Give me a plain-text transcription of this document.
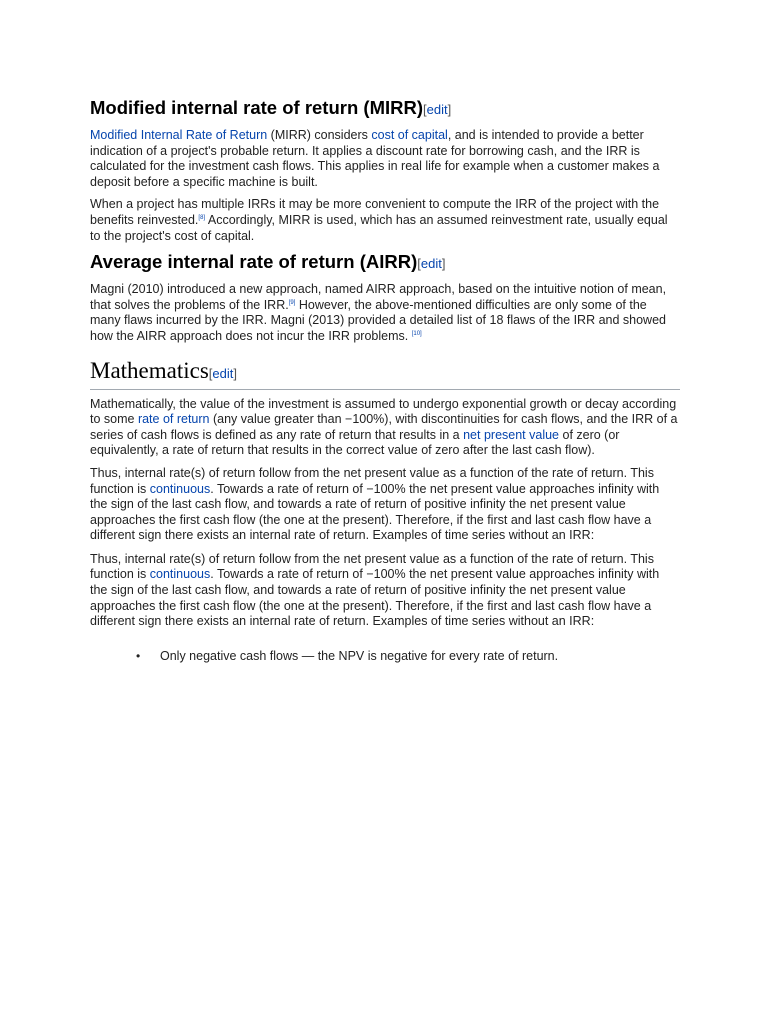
Modified internal rate of return (MIRR)[edit]

Modified Internal Rate of Return (MIRR) considers cost of capital, and is intended to provide a better indication of a project's probable return. It applies a discount rate for borrowing cash, and the IRR is calculated for the investment cash flows. This applies in real life for example when a customer makes a deposit before a specific machine is built.

When a project has multiple IRRs it may be more convenient to compute the IRR of the project with the benefits reinvested.[8] Accordingly, MIRR is used, which has an assumed reinvestment rate, usually equal to the project's cost of capital.

Average internal rate of return (AIRR)[edit]

Magni (2010) introduced a new approach, named AIRR approach, based on the intuitive notion of mean, that solves the problems of the IRR.[9] However, the above-mentioned difficulties are only some of the many flaws incurred by the IRR. Magni (2013) provided a detailed list of 18 flaws of the IRR and showed how the AIRR approach does not incur the IRR problems. [10]

Mathematics[edit]

Mathematically, the value of the investment is assumed to undergo exponential growth or decay according to some rate of return (any value greater than −100%), with discontinuities for cash flows, and the IRR of a series of cash flows is defined as any rate of return that results in a net present value of zero (or equivalently, a rate of return that results in the correct value of zero after the last cash flow).

Thus, internal rate(s) of return follow from the net present value as a function of the rate of return. This function is continuous. Towards a rate of return of −100% the net present value approaches infinity with the sign of the last cash flow, and towards a rate of return of positive infinity the net present value approaches the first cash flow (the one at the present). Therefore, if the first and last cash flow have a different sign there exists an internal rate of return. Examples of time series without an IRR:

Thus, internal rate(s) of return follow from the net present value as a function of the rate of return. This function is continuous. Towards a rate of return of −100% the net present value approaches infinity with the sign of the last cash flow, and towards a rate of return of positive infinity the net present value approaches the first cash flow (the one at the present). Therefore, if the first and last cash flow have a different sign there exists an internal rate of return. Examples of time series without an IRR:

• Only negative cash flows — the NPV is negative for every rate of return.
